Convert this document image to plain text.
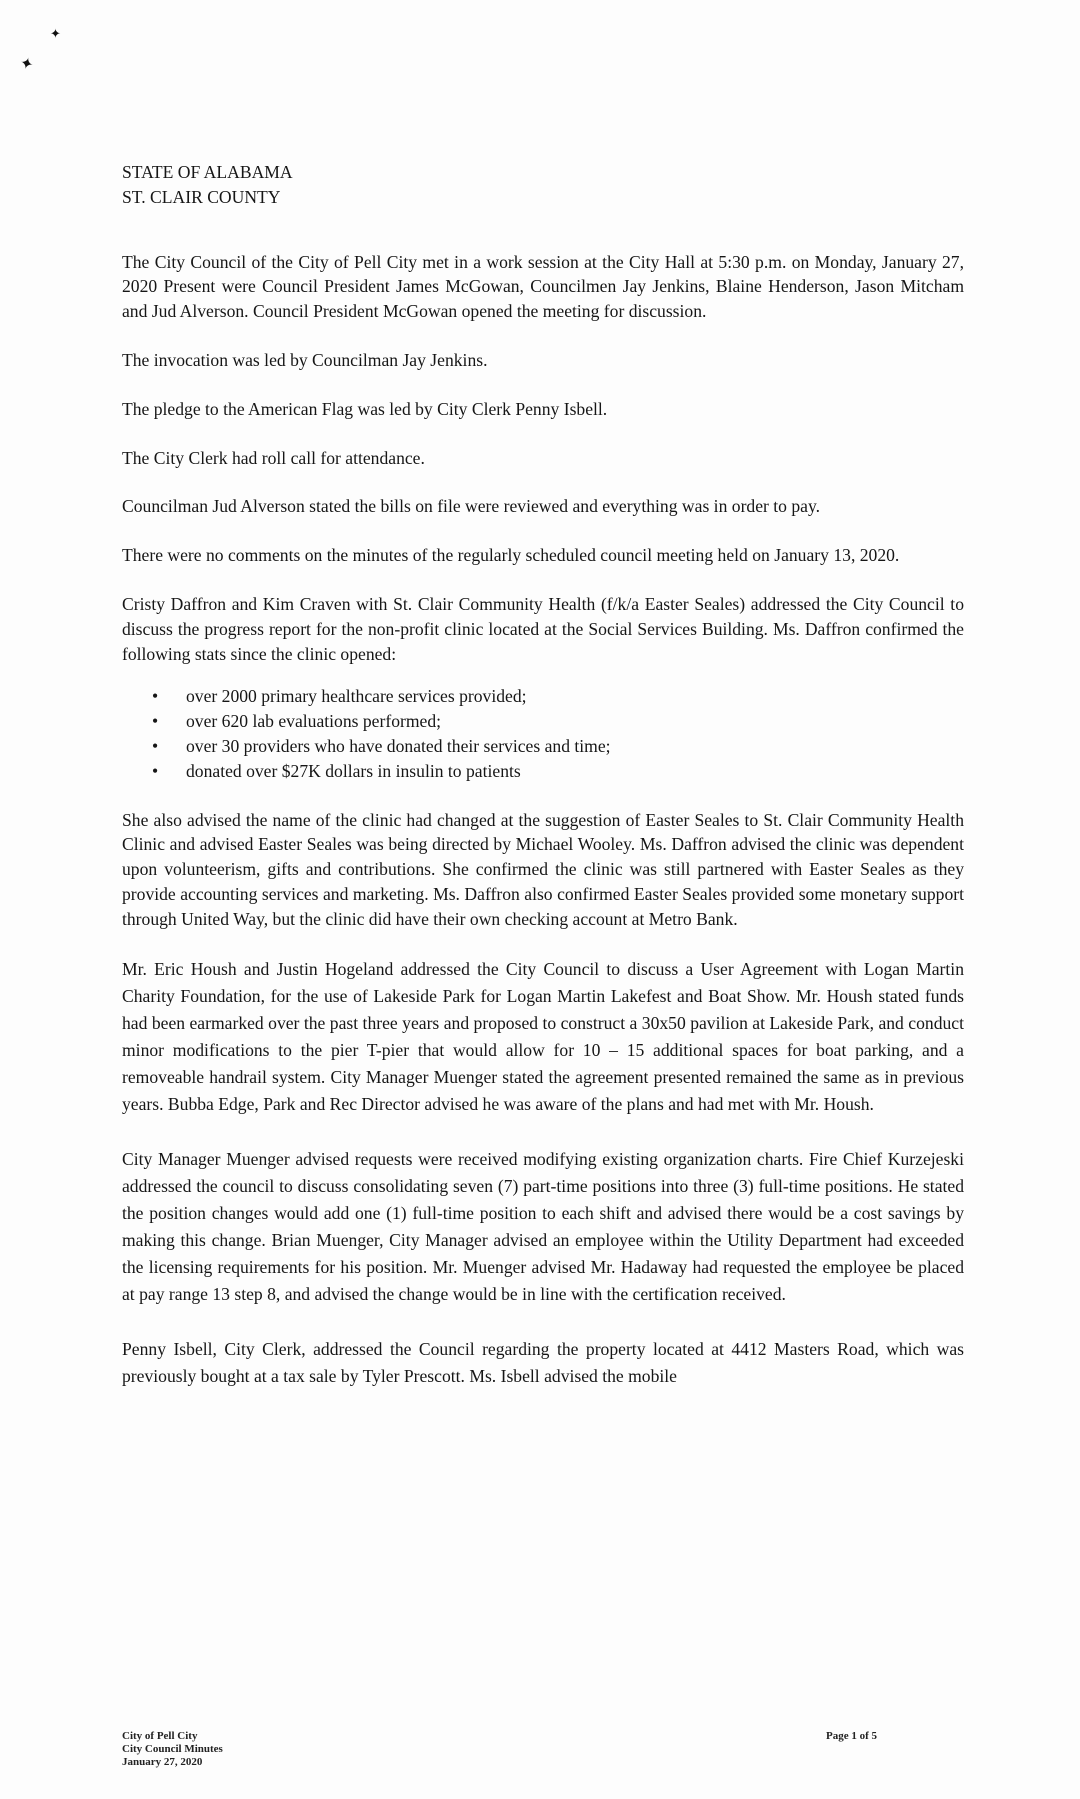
✦
✦
STATE OF ALABAMA
ST. CLAIR COUNTY

The City Council of the City of Pell City met in a work session at the City Hall at 5:30 p.m. on Monday, January 27, 2020 Present were Council President James McGowan, Councilmen Jay Jenkins, Blaine Henderson, Jason Mitcham and Jud Alverson. Council President McGowan opened the meeting for discussion.

The invocation was led by Councilman Jay Jenkins.

The pledge to the American Flag was led by City Clerk Penny Isbell.

The City Clerk had roll call for attendance.

Councilman Jud Alverson stated the bills on file were reviewed and everything was in order to pay.

There were no comments on the minutes of the regularly scheduled council meeting held on January 13, 2020.

Cristy Daffron and Kim Craven with St. Clair Community Health (f/k/a Easter Seales) addressed the City Council to discuss the progress report for the non-profit clinic located at the Social Services Building. Ms. Daffron confirmed the following stats since the clinic opened:

• over 2000 primary healthcare services provided;
• over 620 lab evaluations performed;
• over 30 providers who have donated their services and time;
• donated over $27K dollars in insulin to patients

She also advised the name of the clinic had changed at the suggestion of Easter Seales to St. Clair Community Health Clinic and advised Easter Seales was being directed by Michael Wooley. Ms. Daffron advised the clinic was dependent upon volunteerism, gifts and contributions. She confirmed the clinic was still partnered with Easter Seales as they provide accounting services and marketing. Ms. Daffron also confirmed Easter Seales provided some monetary support through United Way, but the clinic did have their own checking account at Metro Bank.

Mr. Eric Housh and Justin Hogeland addressed the City Council to discuss a User Agreement with Logan Martin Charity Foundation, for the use of Lakeside Park for Logan Martin Lakefest and Boat Show. Mr. Housh stated funds had been earmarked over the past three years and proposed to construct a 30x50 pavilion at Lakeside Park, and conduct minor modifications to the pier T-pier that would allow for 10 – 15 additional spaces for boat parking, and a removeable handrail system. City Manager Muenger stated the agreement presented remained the same as in previous years. Bubba Edge, Park and Rec Director advised he was aware of the plans and had met with Mr. Housh.

City Manager Muenger advised requests were received modifying existing organization charts. Fire Chief Kurzejeski addressed the council to discuss consolidating seven (7) part-time positions into three (3) full-time positions. He stated the position changes would add one (1) full-time position to each shift and advised there would be a cost savings by making this change. Brian Muenger, City Manager advised an employee within the Utility Department had exceeded the licensing requirements for his position. Mr. Muenger advised Mr. Hadaway had requested the employee be placed at pay range 13 step 8, and advised the change would be in line with the certification received.

Penny Isbell, City Clerk, addressed the Council regarding the property located at 4412 Masters Road, which was previously bought at a tax sale by Tyler Prescott. Ms. Isbell advised the mobile

City of Pell City
City Council Minutes
January 27, 2020
Page 1 of 5
